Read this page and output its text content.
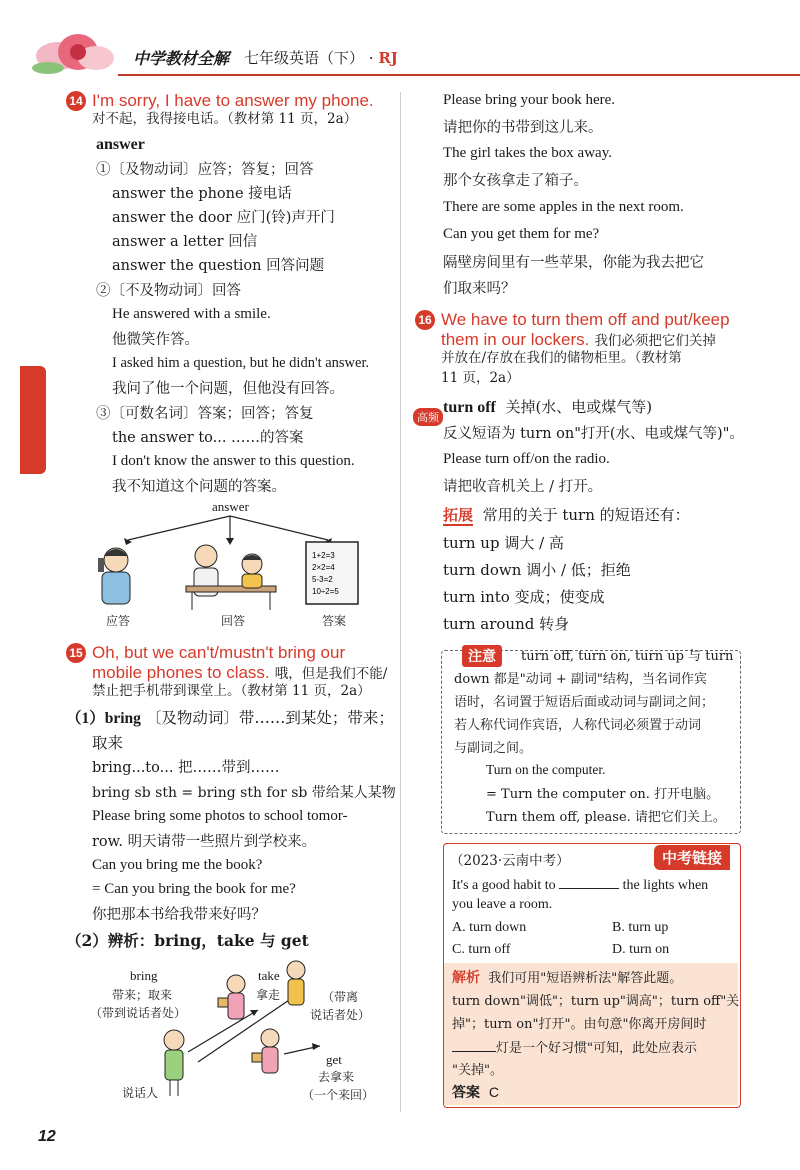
中学教材全解 七年级英语（下） · RJ
14 I'm sorry, I have to answer my phone.
对不起，我得接电话。（教材第 11 页，2a）
answer
①〔及物动词〕应答；答复；回答
answer the phone 接电话
answer the door 应门(铃)声开门
answer a letter 回信
answer the question 回答问题
②〔不及物动词〕回答
He answered with a smile.
他微笑作答。
I asked him a question, but he didn't answer.
我问了他一个问题，但他没有回答。
③〔可数名词〕答案；回答；答复
the answer to... ……的答案
I don't know the answer to this question.
我不知道这个问题的答案。
answer
1+2=3
2×2=4
5-3=2
10÷2=5
应答	回答	答案
15 Oh, but we can't/mustn't bring our
mobile phones to class. 哦，但是我们不能/
禁止把手机带到课堂上。（教材第 11 页，2a）
（1）bring 〔及物动词〕带……到某处；带来；
取来
bring...to... 把……带到……
bring sb sth = bring sth for sb 带给某人某物
Please bring some photos to school tomor-
row. 明天请带一些照片到学校来。
Can you bring me the book?
= Can you bring the book for me?
你把那本书给我带来好吗？
（2）辨析：bring，take 与 get
bring
带来；取来
（带到说话者处）
take
拿走	（带离
说话者处）
get
去拿来
（一个来回）
说话人
Please bring your book here.
请把你的书带到这儿来。
The girl takes the box away.
那个女孩拿走了箱子。
There are some apples in the next room.
Can you get them for me?
隔壁房间里有一些苹果，你能为我去把它
们取来吗？
16 We have to turn them off and put/keep
them in our lockers. 我们必须把它们关掉
并放在/存放在我们的储物柜里。（教材第
11 页，2a）
高频
turn off 关掉(水、电或煤气等)
反义短语为 turn on"打开(水、电或煤气等)"。
Please turn off/on the radio.
请把收音机关上 / 打开。
拓展 常用的关于 turn 的短语还有：
turn up 调大 / 高
turn down 调小 / 低；拒绝
turn into 变成；使变成
turn around 转身
注意	turn off, turn on, turn up 与 turn
down 都是"动词 + 副词"结构，当名词作宾
语时，名词置于短语后面或动词与副词之间；
若人称代词作宾语，人称代词必须置于动词
与副词之间。
Turn on the computer.
= Turn the computer on. 打开电脑。
Turn them off, please. 请把它们关上。
（2023·云南中考）	中考链接
It's a good habit to	the lights when
you leave a room.
A. turn down	B. turn up
C. turn off	D. turn on
解析 我们可用"短语辨析法"解答此题。
turn down"调低"；turn up"调高"；turn off"关
掉"；turn on"打开"。由句意"你离开房间时
灯是一个好习惯"可知，此处应表示
"关掉"。
答案 C
12
